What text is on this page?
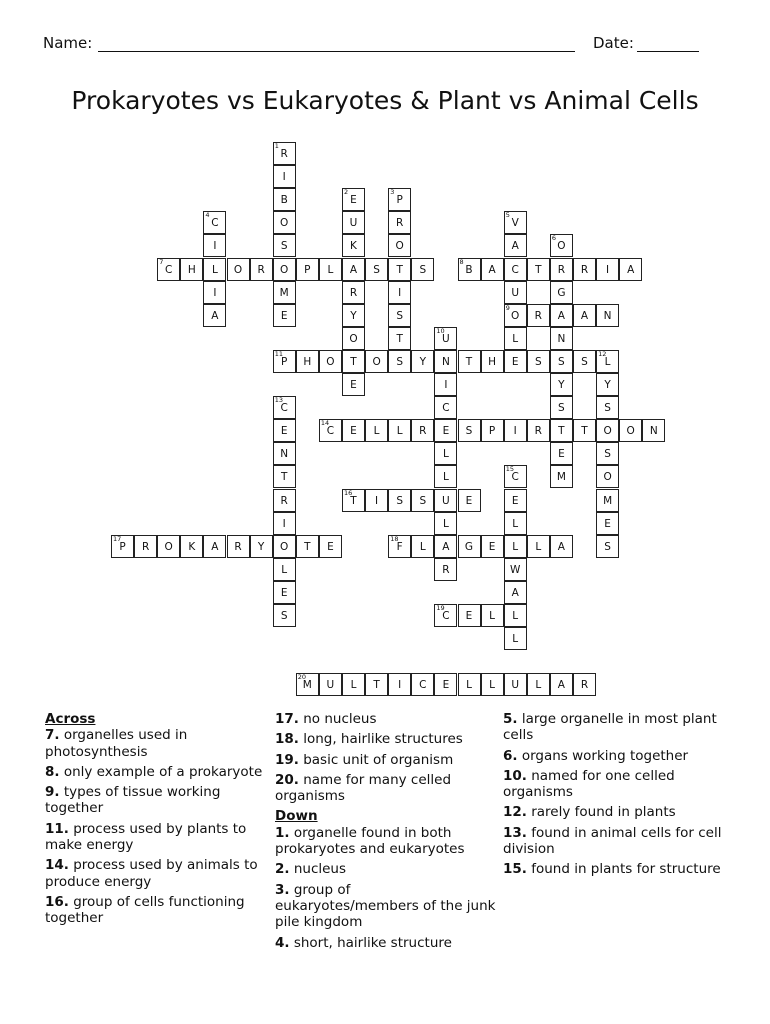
Name:	Date:
Prokaryotes vs Eukaryotes & Plant vs Animal Cells
1
R
I
B
O
S
O
M
E
2
E
U
K
A
R
Y
O
T
E
3
P
R
O
T
I
S
T
4
C
I
L
I
A
5
V
A
C
U
9
O
L
E
6
O
R
G
A
N
S
Y
S
T
E
M
7
C	H	O	R	P	L	S	S
8
B	A	T	R	I	A
R	A	N
10
U
N
I
C
E
L
L
U
L
A
R
11
P	H	O	O	S	Y	T	H	S	S
12
L
Y
S
O
S
O
M
E
S
13
C
E
N
T
R
I
O
L
E
S
14
C	E	L	L	R	S	P	I	R	T	O	N
15
C
E
L
L
W
A
L
L
16
T	I	S	S	E
17
P	R	O	K	A	R	Y	T	E
18
F	L	G	E	L	A
19
C	E	L
20
M	U	L	T	I	C	E	L	L	U	L	A	R
Across
7. organelles used in photosynthesis
8. only example of a prokaryote
9. types of tissue working together
11. process used by plants to make energy
14. process used by animals to produce energy
16. group of cells functioning together
17. no nucleus
18. long, hairlike structures
19. basic unit of organism
20. name for many celled organisms
Down
1. organelle found in both prokaryotes and eukaryotes
2. nucleus
3. group of eukaryotes/members of the junk pile kingdom
4. short, hairlike structure
5. large organelle in most plant cells
6. organs working together
10. named for one celled organisms
12. rarely found in plants
13. found in animal cells for cell division
15. found in plants for structure
